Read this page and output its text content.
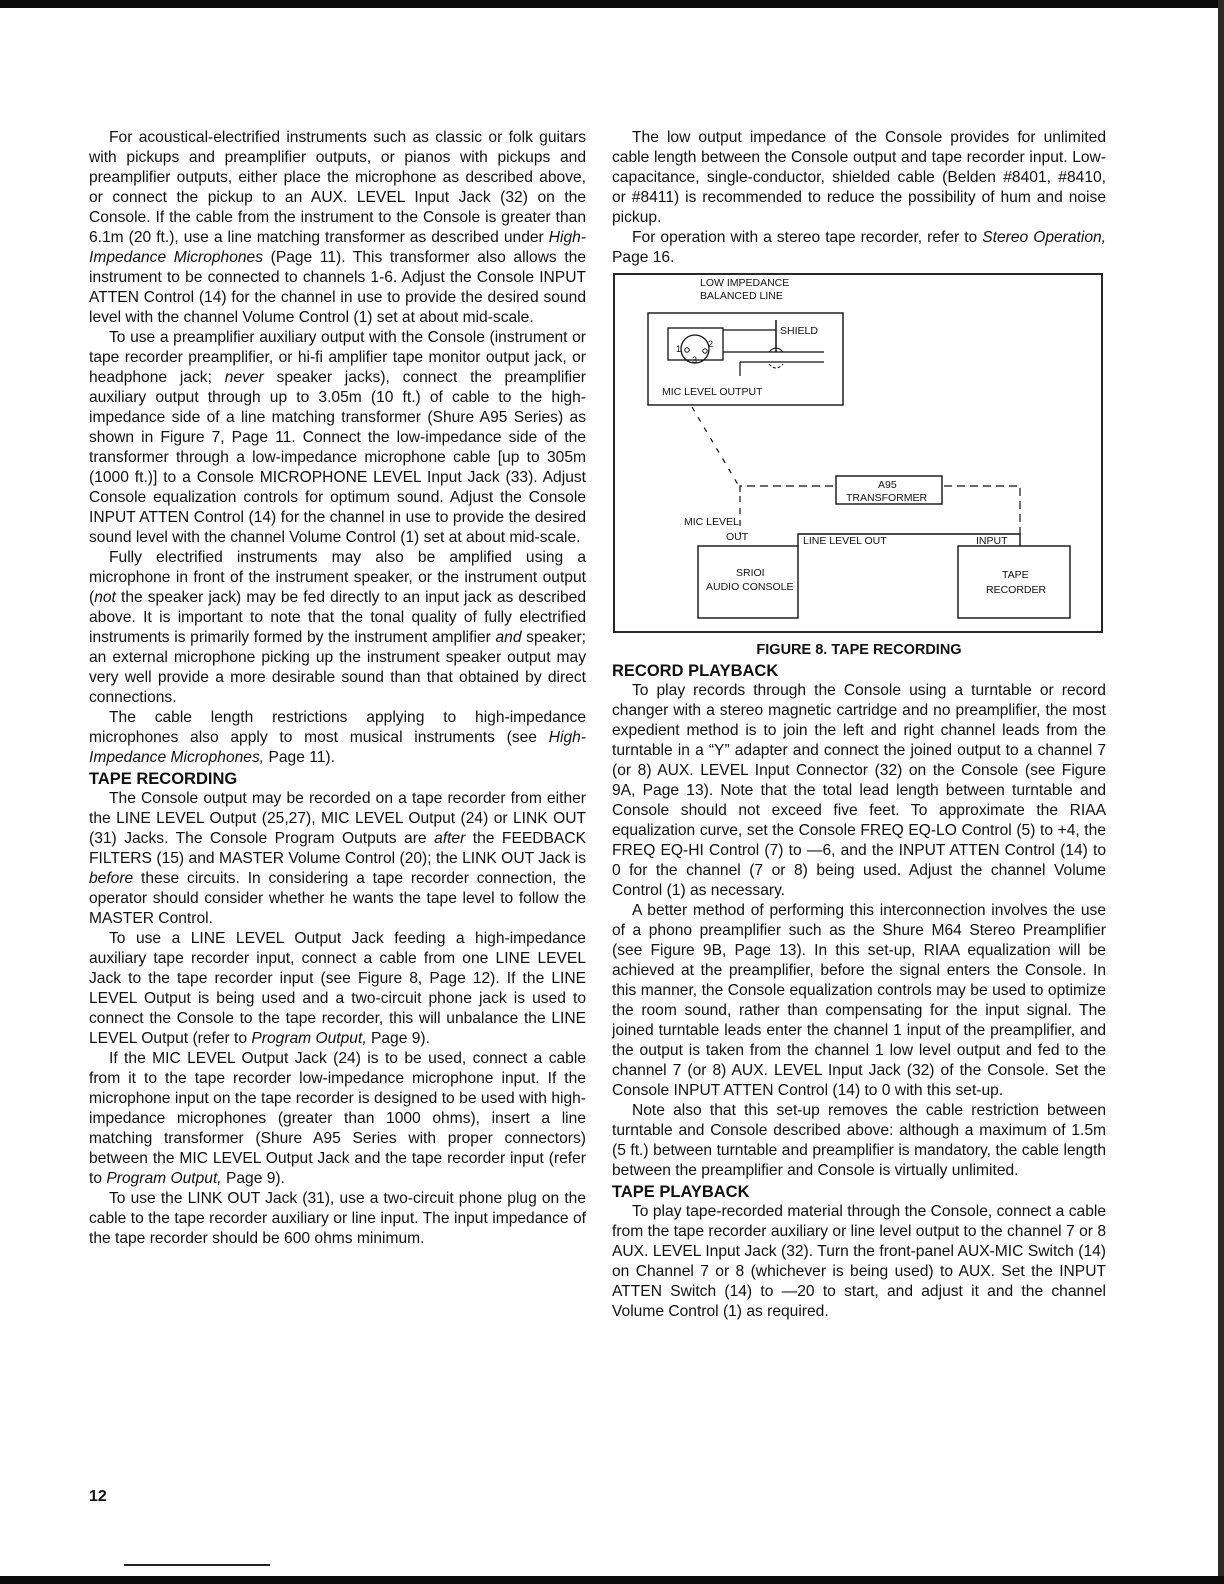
For acoustical-electrified instruments such as classic or folk guitars with pickups and preamplifier outputs, or pianos with pickups and preamplifier outputs, either place the microphone as described above, or connect the pickup to an AUX. LEVEL Input Jack (32) on the Console. If the cable from the instrument to the Console is greater than 6.1m (20 ft.), use a line matching transformer as described under High-Impedance Microphones (Page 11). This transformer also allows the instrument to be connected to channels 1-6. Adjust the Console INPUT ATTEN Control (14) for the channel in use to provide the desired sound level with the channel Volume Control (1) set at about mid-scale.

To use a preamplifier auxiliary output with the Console (instrument or tape recorder preamplifier, or hi-fi amplifier tape monitor output jack, or headphone jack; never speaker jacks), connect the preamplifier auxiliary output through up to 3.05m (10 ft.) of cable to the high-impedance side of a line matching transformer (Shure A95 Series) as shown in Figure 7, Page 11. Connect the low-impedance side of the transformer through a low-impedance microphone cable [up to 305m (1000 ft.)] to a Console MICROPHONE LEVEL Input Jack (33). Adjust Console equalization controls for optimum sound. Adjust the Console INPUT ATTEN Control (14) for the channel in use to provide the desired sound level with the channel Volume Control (1) set at about mid-scale.

Fully electrified instruments may also be amplified using a microphone in front of the instrument speaker, or the instrument output (not the speaker jack) may be fed directly to an input jack as described above. It is important to note that the tonal quality of fully electrified instruments is primarily formed by the instrument amplifier and speaker; an external microphone picking up the instrument speaker output may very well provide a more desirable sound than that obtained by direct connections.

The cable length restrictions applying to high-impedance microphones also apply to most musical instruments (see High-Impedance Microphones, Page 11).

TAPE RECORDING

The Console output may be recorded on a tape recorder from either the LINE LEVEL Output (25,27), MIC LEVEL Output (24) or LINK OUT (31) Jacks. The Console Program Outputs are after the FEEDBACK FILTERS (15) and MASTER Volume Control (20); the LINK OUT Jack is before these circuits. In considering a tape recorder connection, the operator should consider whether he wants the tape level to follow the MASTER Control.

To use a LINE LEVEL Output Jack feeding a high-impedance auxiliary tape recorder input, connect a cable from one LINE LEVEL Jack to the tape recorder input (see Figure 8, Page 12). If the LINE LEVEL Output is being used and a two-circuit phone jack is used to connect the Console to the tape recorder, this will unbalance the LINE LEVEL Output (refer to Program Output, Page 9).

If the MIC LEVEL Output Jack (24) is to be used, connect a cable from it to the tape recorder low-impedance microphone input. If the microphone input on the tape recorder is designed to be used with high-impedance microphones (greater than 1000 ohms), insert a line matching transformer (Shure A95 Series with proper connectors) between the MIC LEVEL Output Jack and the tape recorder input (refer to Program Output, Page 9).

To use the LINK OUT Jack (31), use a two-circuit phone plug on the cable to the tape recorder auxiliary or line input. The input impedance of the tape recorder should be 600 ohms minimum.

The low output impedance of the Console provides for unlimited cable length between the Console output and tape recorder input. Low-capacitance, single-conductor, shielded cable (Belden #8401, #8410, or #8411) is recommended to reduce the possibility of hum and noise pickup.

For operation with a stereo tape recorder, refer to Stereo Operation, Page 16.

LOW IMPEDANCE
BALANCED LINE
MIC LEVEL OUTPUT
1	2
3
SHIELD
A95
TRANSFORMER
MIC LEVEL
OUT	LINE LEVEL OUT	INPUT
SRIOI
AUDIO CONSOLE
TAPE
RECORDER

FIGURE 8. TAPE RECORDING

RECORD PLAYBACK

To play records through the Console using a turntable or record changer with a stereo magnetic cartridge and no preamplifier, the most expedient method is to join the left and right channel leads from the turntable in a “Y” adapter and connect the joined output to a channel 7 (or 8) AUX. LEVEL Input Connector (32) on the Console (see Figure 9A, Page 13). Note that the total lead length between turntable and Console should not exceed five feet. To approximate the RIAA equalization curve, set the Console FREQ EQ-LO Control (5) to +4, the FREQ EQ-HI Control (7) to —6, and the INPUT ATTEN Control (14) to 0 for the channel (7 or 8) being used. Adjust the channel Volume Control (1) as necessary.

A better method of performing this interconnection involves the use of a phono preamplifier such as the Shure M64 Stereo Preamplifier (see Figure 9B, Page 13). In this set-up, RIAA equalization will be achieved at the preamplifier, before the signal enters the Console. In this manner, the Console equalization controls may be used to optimize the room sound, rather than compensating for the input signal. The joined turntable leads enter the channel 1 input of the preamplifier, and the output is taken from the channel 1 low level output and fed to the channel 7 (or 8) AUX. LEVEL Input Jack (32) of the Console. Set the Console INPUT ATTEN Control (14) to 0 with this set-up.

Note also that this set-up removes the cable restriction between turntable and Console described above: although a maximum of 1.5m (5 ft.) between turntable and preamplifier is mandatory, the cable length between the preamplifier and Console is virtually unlimited.

TAPE PLAYBACK

To play tape-recorded material through the Console, connect a cable from the tape recorder auxiliary or line level output to the channel 7 or 8 AUX. LEVEL Input Jack (32). Turn the front-panel AUX-MIC Switch (14) on Channel 7 or 8 (whichever is being used) to AUX. Set the INPUT ATTEN Switch (14) to —20 to start, and adjust it and the channel Volume Control (1) as required.

12
